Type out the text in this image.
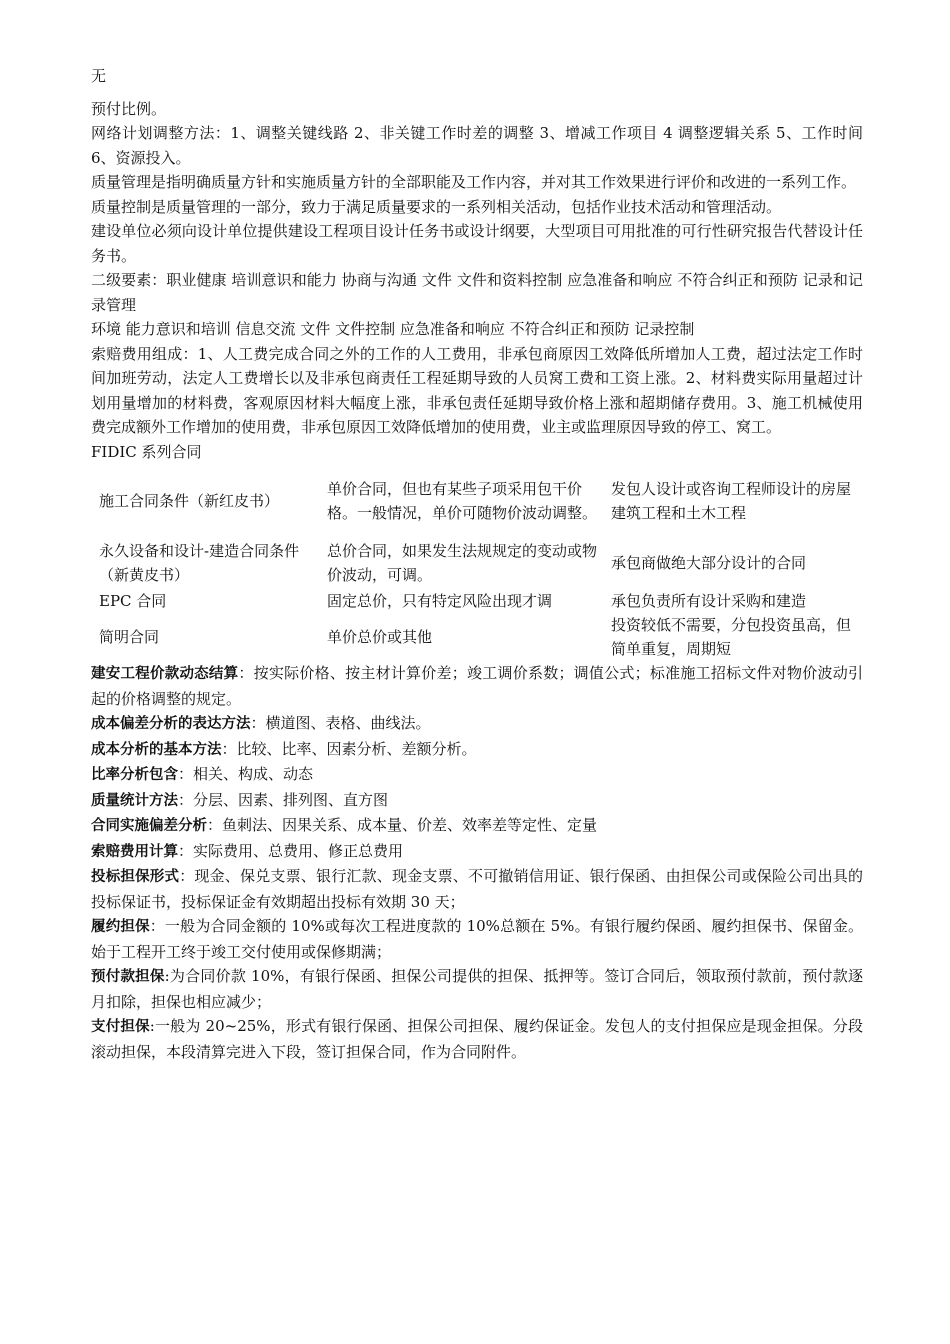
无

预付比例。

网络计划调整方法：1、调整关键线路 2、非关键工作时差的调整 3、增减工作项目 4 调整逻辑关系 5、工作时间 6、资源投入。

质量管理是指明确质量方针和实施质量方针的全部职能及工作内容，并对其工作效果进行评价和改进的一系列工作。

质量控制是质量管理的一部分，致力于满足质量要求的一系列相关活动，包括作业技术活动和管理活动。

建设单位必须向设计单位提供建设工程项目设计任务书或设计纲要，大型项目可用批准的可行性研究报告代替设计任务书。

二级要素：职业健康 培训意识和能力 协商与沟通 文件 文件和资料控制 应急准备和响应 不符合纠正和预防 记录和记录管理

环境 能力意识和培训 信息交流 文件 文件控制 应急准备和响应 不符合纠正和预防 记录控制

索赔费用组成：1、人工费完成合同之外的工作的人工费用，非承包商原因工效降低所增加人工费，超过法定工作时间加班劳动，法定人工费增长以及非承包商责任工程延期导致的人员窝工费和工资上涨。2、材料费实际用量超过计划用量增加的材料费，客观原因材料大幅度上涨，非承包责任延期导致价格上涨和超期储存费用。3、施工机械使用费完成额外工作增加的使用费，非承包原因工效降低增加的使用费，业主或监理原因导致的停工、窝工。

FIDIC 系列合同

施工合同条件（新红皮书）	单价合同，但也有某些子项采用包干价格。一般情况，单价可随物价波动调整。	发包人设计或咨询工程师设计的房屋建筑工程和土木工程
永久设备和设计-建造合同条件（新黄皮书）	总价合同，如果发生法规规定的变动或物价波动，可调。	承包商做绝大部分设计的合同
EPC 合同	固定总价，只有特定风险出现才调	承包负责所有设计采购和建造
简明合同	单价总价或其他	投资较低不需要，分包投资虽高，但简单重复，周期短

建安工程价款动态结算：按实际价格、按主材计算价差；竣工调价系数；调值公式；标准施工招标文件对物价波动引起的价格调整的规定。

成本偏差分析的表达方法：横道图、表格、曲线法。

成本分析的基本方法：比较、比率、因素分析、差额分析。

比率分析包含：相关、构成、动态

质量统计方法：分层、因素、排列图、直方图

合同实施偏差分析：鱼刺法、因果关系、成本量、价差、效率差等定性、定量

索赔费用计算：实际费用、总费用、修正总费用

投标担保形式：现金、保兑支票、银行汇款、现金支票、不可撤销信用证、银行保函、由担保公司或保险公司出具的投标保证书，投标保证金有效期超出投标有效期 30 天；

履约担保：一般为合同金额的 10%或每次工程进度款的 10%总额在 5%。有银行履约保函、履约担保书、保留金。始于工程开工终于竣工交付使用或保修期满；

预付款担保:为合同价款 10%，有银行保函、担保公司提供的担保、抵押等。签订合同后，领取预付款前，预付款逐月扣除，担保也相应减少；

支付担保:一般为 20~25%，形式有银行保函、担保公司担保、履约保证金。发包人的支付担保应是现金担保。分段滚动担保，本段清算完进入下段，签订担保合同，作为合同附件。
